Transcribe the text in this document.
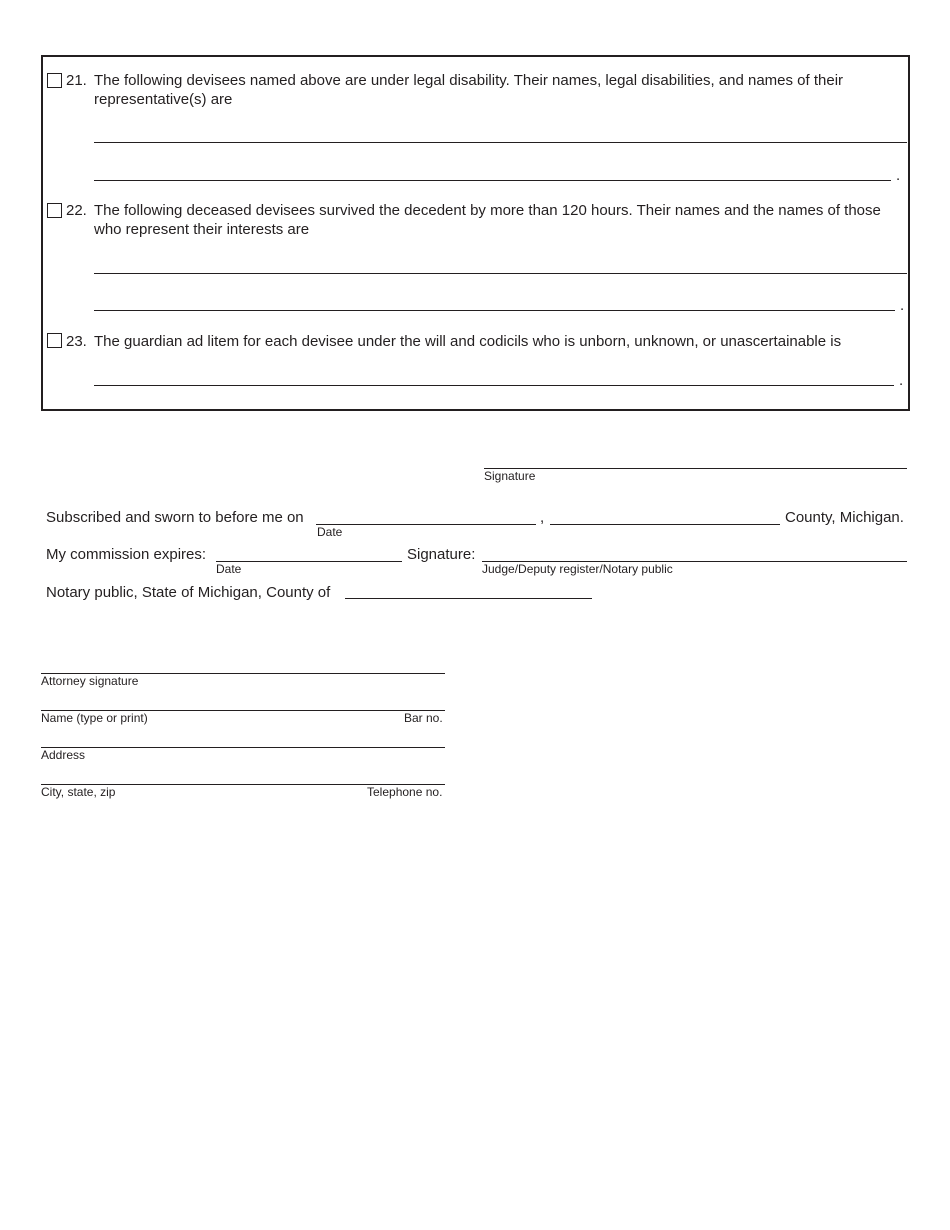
21. The following devisees named above are under legal disability. Their names, legal disabilities, and names of their representative(s) are
.
22. The following deceased devisees survived the decedent by more than 120 hours. Their names and the names of those who represent their interests are
.
23. The guardian ad litem for each devisee under the will and codicils who is unborn, unknown, or unascertainable is
.
Signature
Subscribed and sworn to before me on
Date
,	County, Michigan.
My commission expires:
Date
Signature:
Judge/Deputy register/Notary public
Notary public, State of Michigan, County of
Attorney signature
Name (type or print)	Bar no.
Address
City, state, zip	Telephone no.
